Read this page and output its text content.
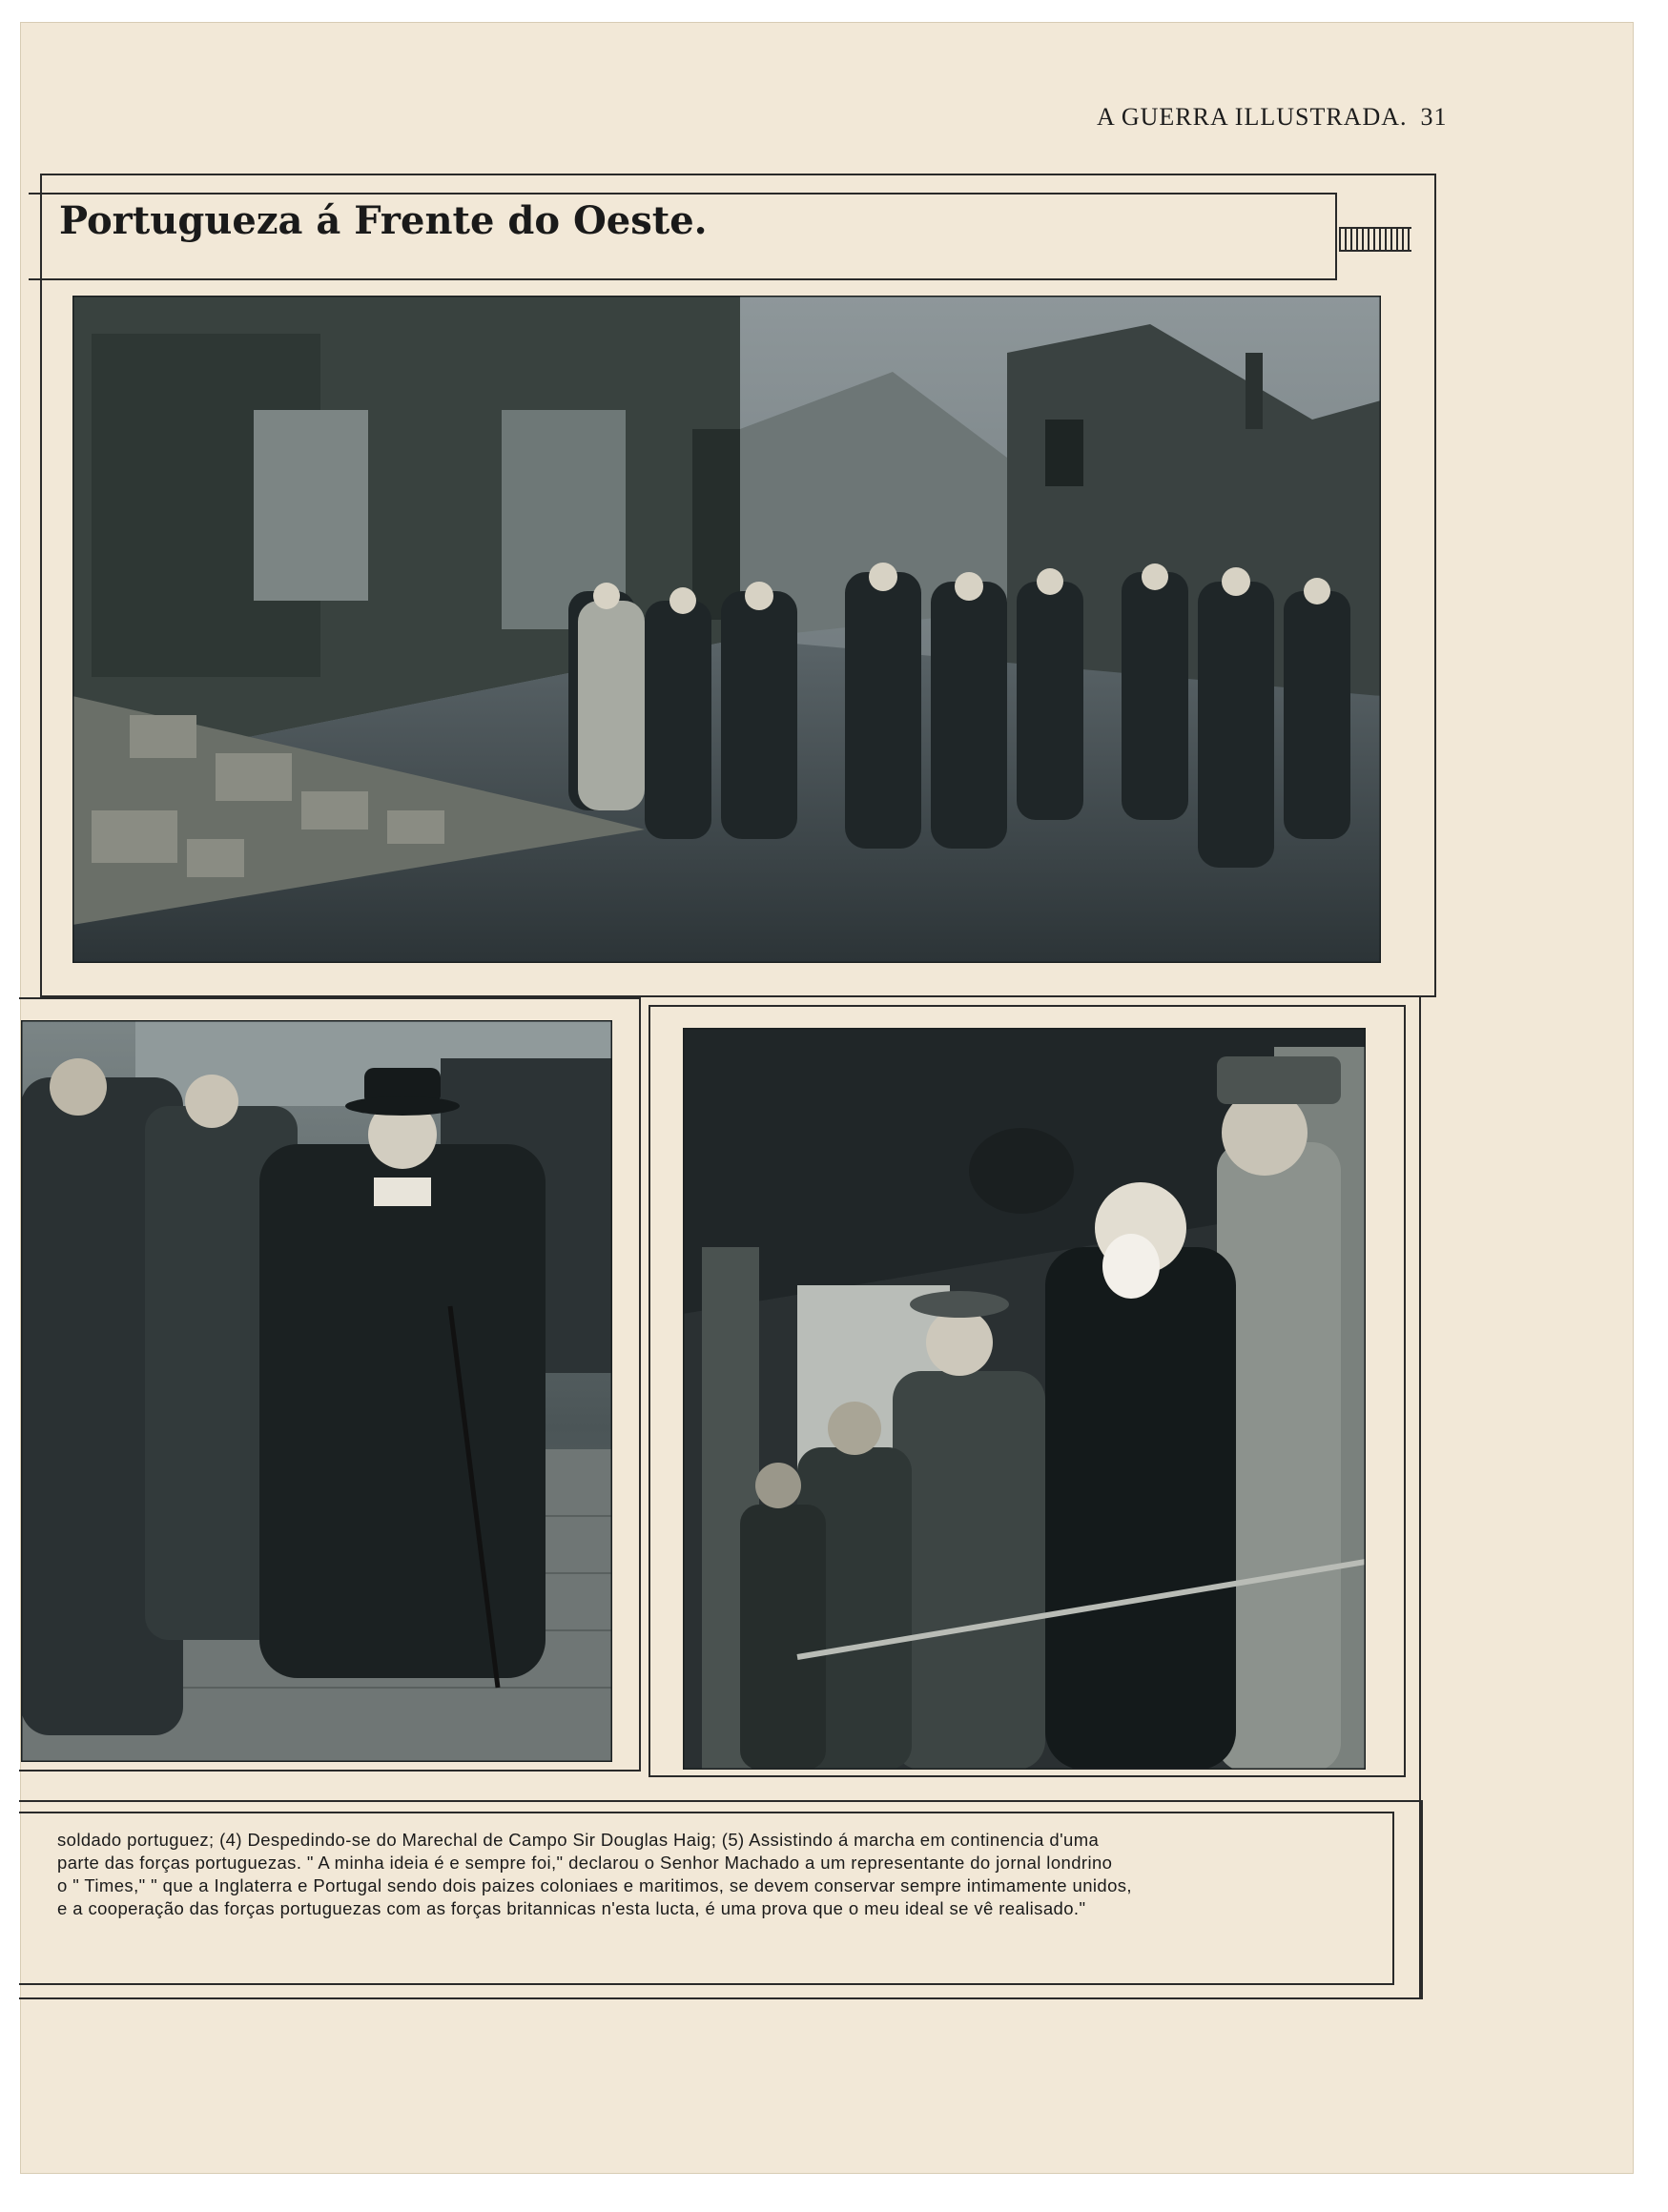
A GUERRA ILLUSTRADA. 31
Portugueza á Frente do Oeste.

soldado portuguez; (4) Despedindo-se do Marechal de Campo Sir Douglas Haig; (5) Assistindo á marcha em continencia d'uma

parte das forças portuguezas. " A minha ideia é e sempre foi," declarou o Senhor Machado a um representante do jornal londrino

o " Times," " que a Inglaterra e Portugal sendo dois paizes coloniaes e maritimos, se devem conservar sempre intimamente unidos,

e a cooperação das forças portuguezas com as forças britannicas n'esta lucta, é uma prova que o meu ideal se vê realisado."
